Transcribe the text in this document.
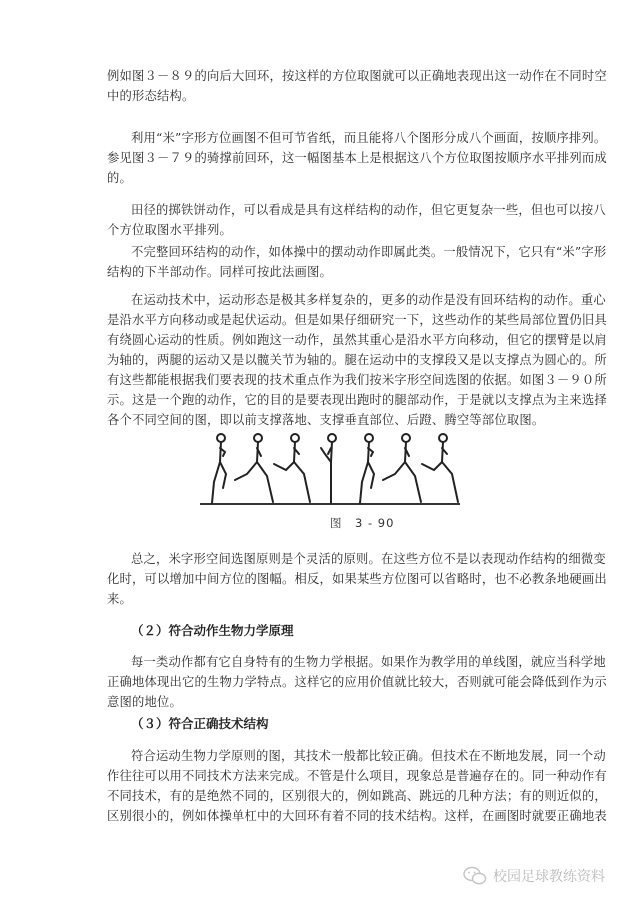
例如图３－８９的向后大回环，按这样的方位取图就可以正确地表现出这一动作在不同时空
中的形态结构。

利用“米”字形方位画图不但可节省纸，而且能将八个图形分成八个画面，按顺序排列。
参见图３－７９的骑撑前回环，这一幅图基本上是根据这八个方位取图按顺序水平排列而成
的。

田径的掷铁饼动作，可以看成是具有这样结构的动作，但它更复杂一些，但也可以按八
个方位取图水平排列。

不完整回环结构的动作，如体操中的摆动动作即属此类。一般情况下，它只有“米”字形
结构的下半部动作。同样可按此法画图。

在运动技术中，运动形态是极其多样复杂的，更多的动作是没有回环结构的动作。重心
是沿水平方向移动或是起伏运动。但是如果仔细研究一下，这些动作的某些局部位置仍旧具
有绕圆心运动的性质。例如跑这一动作，虽然其重心是沿水平方向移动，但它的摆臂是以肩
为轴的，两腿的运动又是以髋关节为轴的。腿在运动中的支撑段又是以支撑点为圆心的。所
有这些都能根据我们要表现的技术重点作为我们按米字形空间选图的依据。如图３－９０所
示。这是一个跑的动作，它的目的是要表现出跑时的腿部动作，于是就以支撑点为主来选择
各个不同空间的图，即以前支撑落地、支撑垂直部位、后蹬、腾空等部位取图。

图　3 - 90

总之，米字形空间选图原则是个灵活的原则。在这些方位不是以表现动作结构的细微变
化时，可以增加中间方位的图幅。相反，如果某些方位图可以省略时，也不必教条地硬画出
来。

（２）符合动作生物力学原理

每一类动作都有它自身特有的生物力学根据。如果作为教学用的单线图，就应当科学地
正确地体现出它的生物力学特点。这样它的应用价值就比较大，否则就可能会降低到作为示
意图的地位。

（３）符合正确技术结构

符合运动生物力学原则的图，其技术一般都比较正确。但技术在不断地发展，同一个动
作往往可以用不同技术方法来完成。不管是什么项目，现象总是普遍存在的。同一种动作有
不同技术，有的是绝然不同的，区别很大的，例如跳高、跳远的几种方法；有的则近似的，
区别很小的，例如体操单杠中的大回环有着不同的技术结构。这样，在画图时就要正确地表

校园足球教练资料
